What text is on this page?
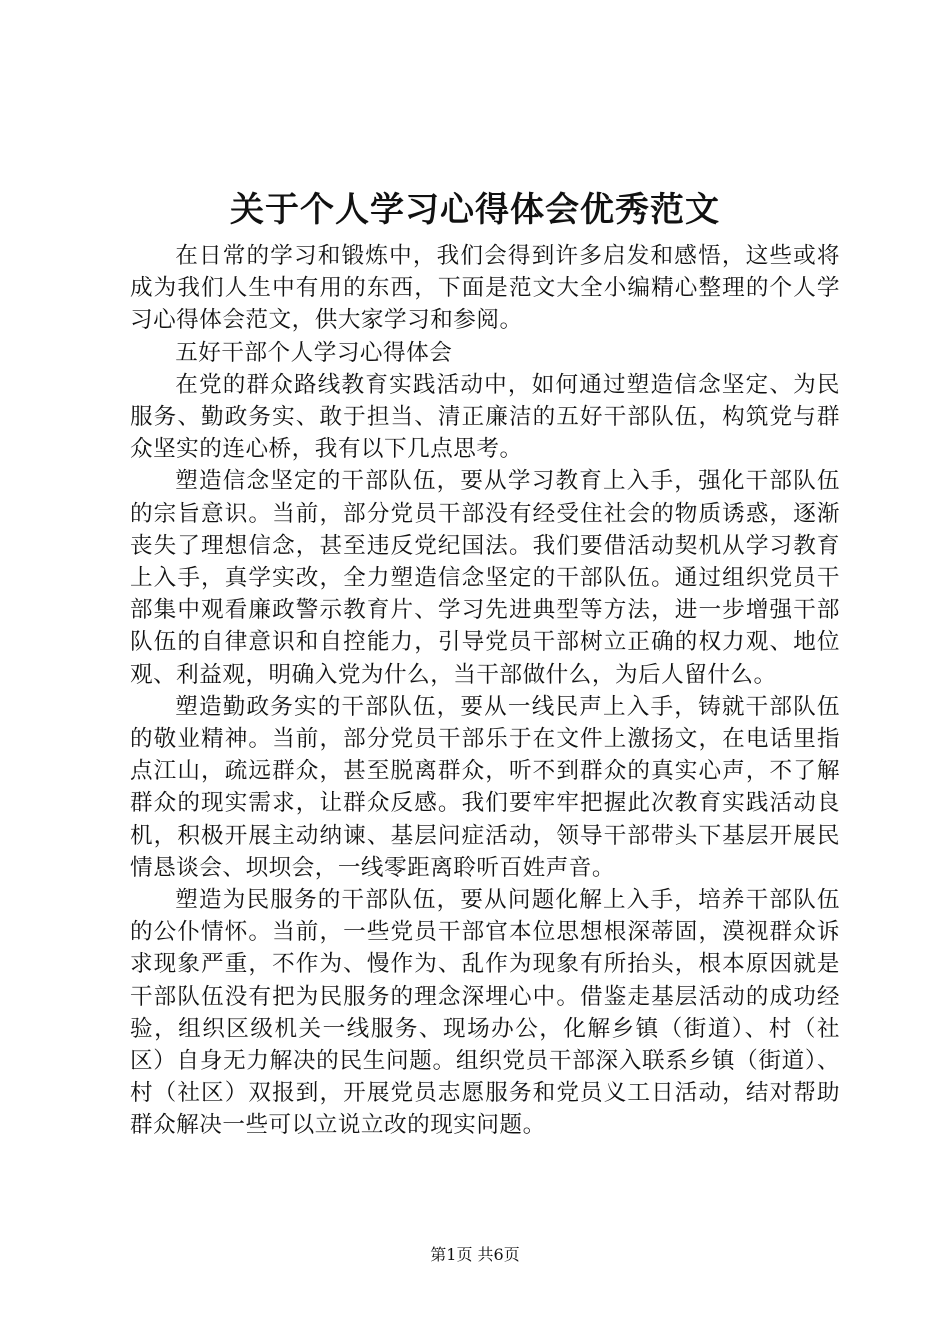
关于个人学习心得体会优秀范文

在日常的学习和锻炼中，我们会得到许多启发和感悟，这些或将成为我们人生中有用的东西，下面是范文大全小编精心整理的个人学习心得体会范文，供大家学习和参阅。

五好干部个人学习心得体会

在党的群众路线教育实践活动中，如何通过塑造信念坚定、为民服务、勤政务实、敢于担当、清正廉洁的五好干部队伍，构筑党与群众坚实的连心桥，我有以下几点思考。

塑造信念坚定的干部队伍，要从学习教育上入手，强化干部队伍的宗旨意识。当前，部分党员干部没有经受住社会的物质诱惑，逐渐丧失了理想信念，甚至违反党纪国法。我们要借活动契机从学习教育上入手，真学实改，全力塑造信念坚定的干部队伍。通过组织党员干部集中观看廉政警示教育片、学习先进典型等方法，进一步增强干部队伍的自律意识和自控能力，引导党员干部树立正确的权力观、地位观、利益观，明确入党为什么，当干部做什么，为后人留什么。

塑造勤政务实的干部队伍，要从一线民声上入手，铸就干部队伍的敬业精神。当前，部分党员干部乐于在文件上激扬文，在电话里指点江山，疏远群众，甚至脱离群众，听不到群众的真实心声，不了解群众的现实需求，让群众反感。我们要牢牢把握此次教育实践活动良机，积极开展主动纳谏、基层问症活动，领导干部带头下基层开展民情恳谈会、坝坝会，一线零距离聆听百姓声音。

塑造为民服务的干部队伍，要从问题化解上入手，培养干部队伍的公仆情怀。当前，一些党员干部官本位思想根深蒂固，漠视群众诉求现象严重，不作为、慢作为、乱作为现象有所抬头，根本原因就是干部队伍没有把为民服务的理念深埋心中。借鉴走基层活动的成功经验，组织区级机关一线服务、现场办公，化解乡镇（街道）、村（社区）自身无力解决的民生问题。组织党员干部深入联系乡镇（街道）、村（社区）双报到，开展党员志愿服务和党员义工日活动，结对帮助群众解决一些可以立说立改的现实问题。

第1页 共6页
